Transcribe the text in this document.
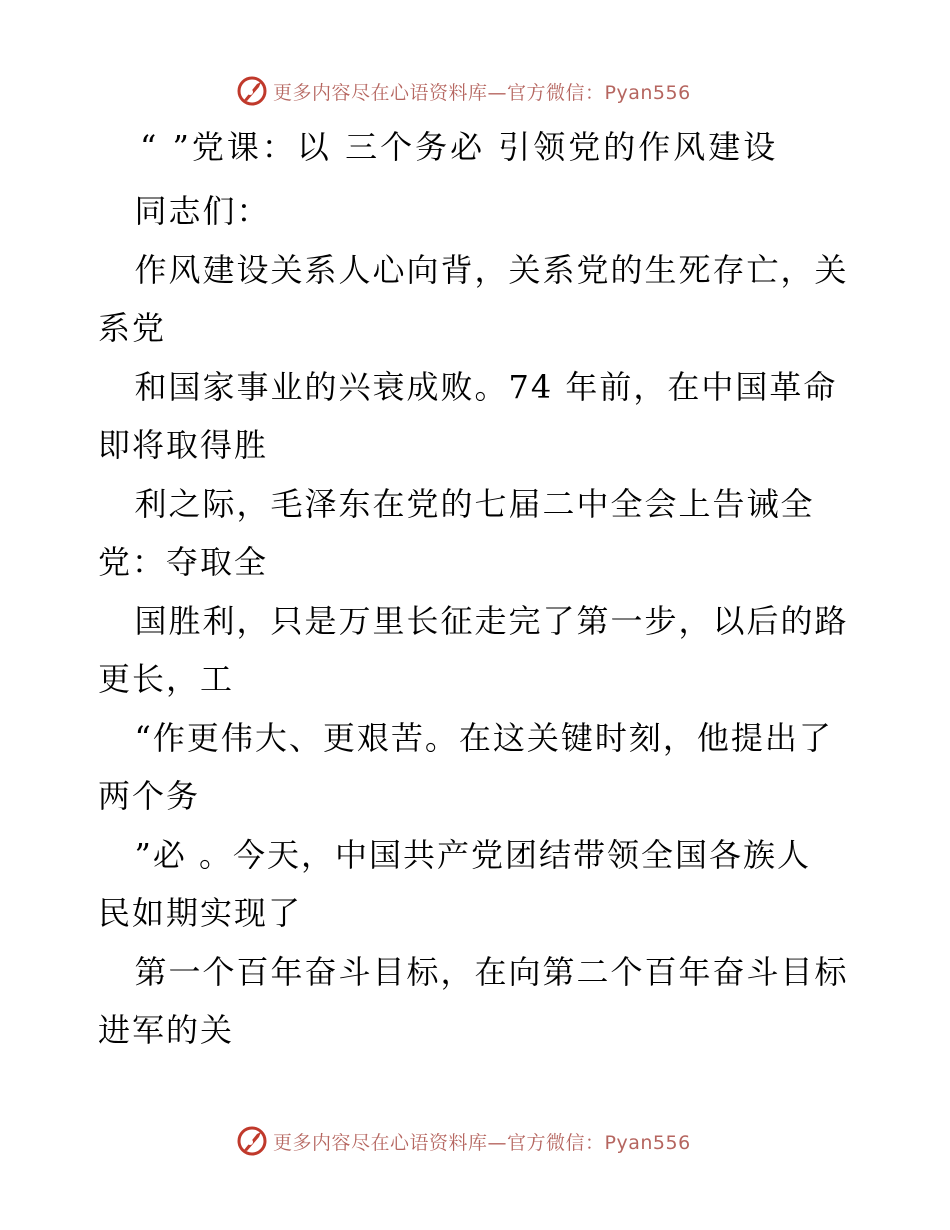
更多内容尽在心语资料库—官方微信：Pyan556
“ ”党课：以 三个务必 引领党的作风建设

同志们：

作风建设关系人心向背，关系党的生死存亡，关

系党

和国家事业的兴衰成败。74 年前，在中国革命

即将取得胜

利之际，毛泽东在党的七届二中全会上告诫全

党：夺取全

国胜利，只是万里长征走完了第一步，以后的路

更长，工

“作更伟大、更艰苦。在这关键时刻，他提出了

两个务

”必 。今天，中国共产党团结带领全国各族人

民如期实现了

第一个百年奋斗目标，在向第二个百年奋斗目标

进军的关

更多内容尽在心语资料库—官方微信：Pyan556
